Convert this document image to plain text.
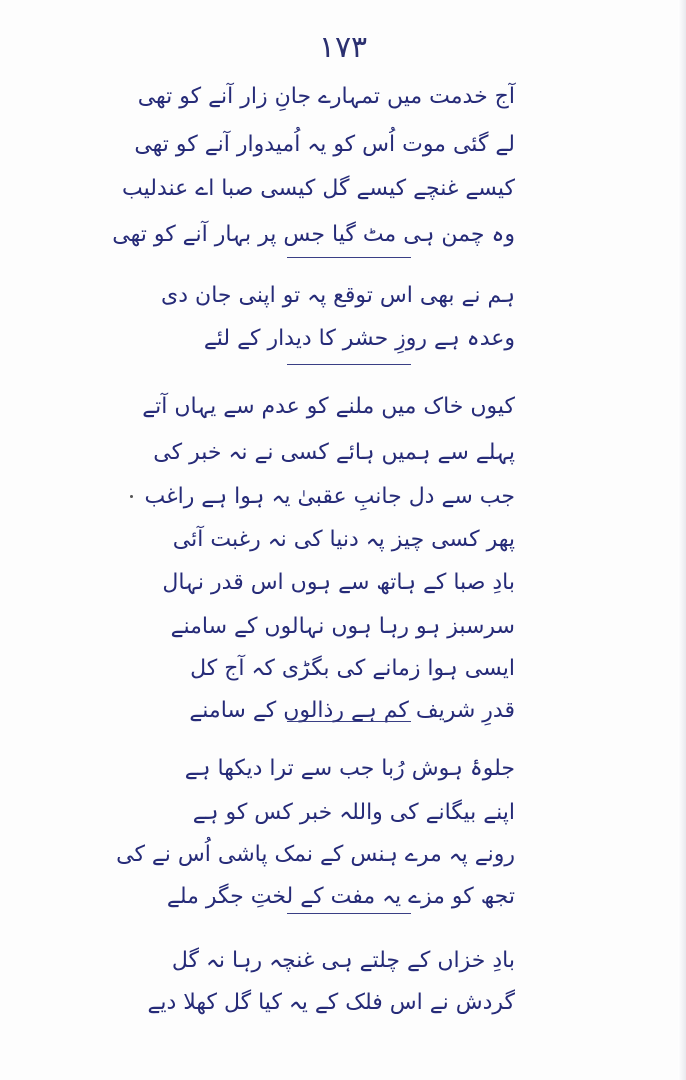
۱۷۳
آج خدمت میں تمہارے جانِ زار آنے کو تھی
لے گئی موت اُس کو یہ اُمیدوار آنے کو تھی
کیسے غنچے کیسے گل کیسی صبا اے عندلیب
وہ چمن ہی مٹ گیا جس پر بہار آنے کو تھی
ہم نے بھی اس توقع پہ تو اپنی جان دی
وعدہ ہے روزِ حشر کا دیدار کے لئے
کیوں خاک میں ملنے کو عدم سے یہاں آتے
پہلے سے ہمیں ہائے کسی نے نہ خبر کی
جب سے دل جانبِ عقبیٰ یہ ہوا ہے راغب
پھر کسی چیز پہ دنیا کی نہ رغبت آئی
بادِ صبا کے ہاتھ سے ہوں اس قدر نہال
سرسبز ہو رہا ہوں نہالوں کے سامنے
ایسی ہوا زمانے کی بگڑی کہ آج کل
قدرِ شریف کم ہے رذالوں کے سامنے
جلوۂ ہوش رُبا جب سے ترا دیکھا ہے
اپنے بیگانے کی واللہ خبر کس کو ہے
رونے پہ مرے ہنس کے نمک پاشی اُس نے کی
تجھ کو مزے یہ مفت کے لختِ جگر ملے
بادِ خزاں کے چلتے ہی غنچہ رہا نہ گل
گردش نے اس فلک کے یہ کیا گل کھلا دیے
